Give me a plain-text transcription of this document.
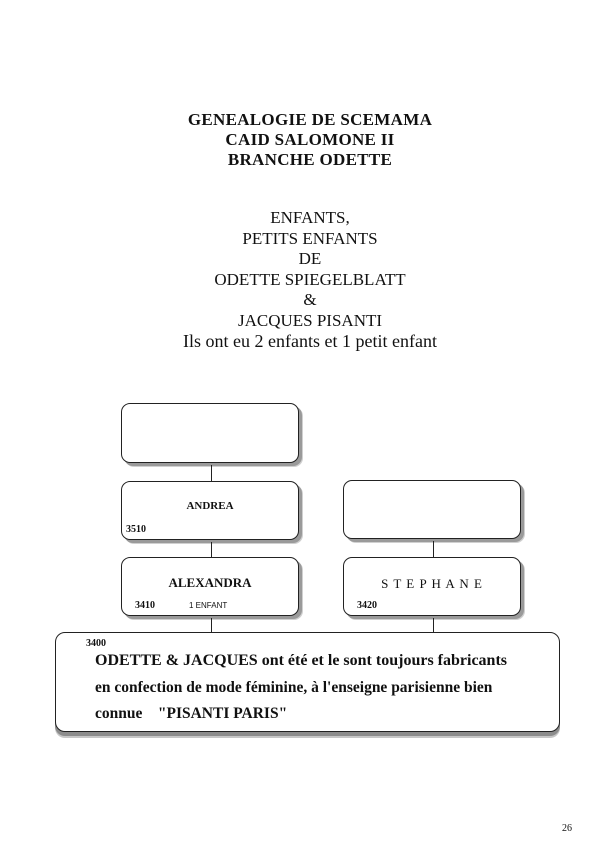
GENEALOGIE DE SCEMAMA
CAID SALOMONE II
BRANCHE ODETTE
ENFANTS,
PETITS ENFANTS
DE
ODETTE SPIEGELBLATT
&
JACQUES PISANTI
Ils ont eu 2 enfants et 1 petit enfant
ANDREA
3510
ALEXANDRA
3410	1 ENFANT
S T E P H A N E
3420
3400
ODETTE & JACQUES ont été et le sont toujours fabricants
en confection de mode féminine, à l'enseigne parisienne bien
connue    "PISANTI PARIS"
26
